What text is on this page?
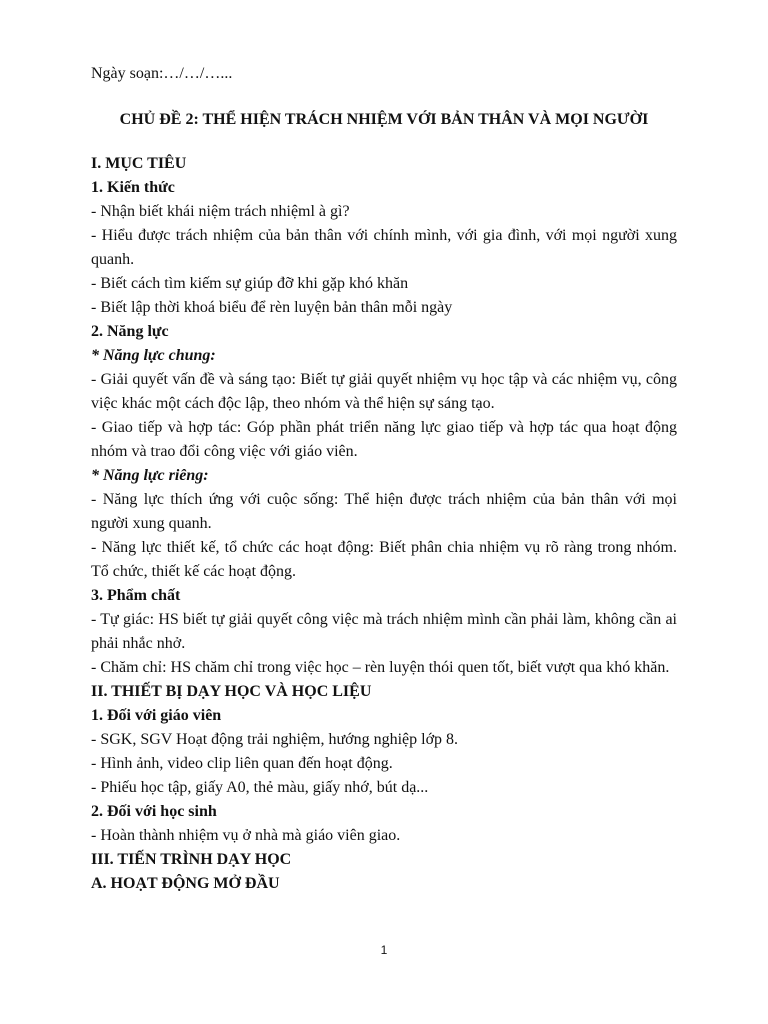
Ngày soạn:…/…/…...

CHỦ ĐỀ 2: THỂ HIỆN TRÁCH NHIỆM VỚI BẢN THÂN VÀ MỌI NGƯỜI

I. MỤC TIÊU

1. Kiến thức

- Nhận biết khái niệm trách nhiệml à gì?

- Hiểu được trách nhiệm của bản thân với chính mình, với gia đình, với mọi người xung quanh.

- Biết cách tìm kiếm sự giúp đỡ khi gặp khó khăn

- Biết lập thời khoá biểu để rèn luyện bản thân mỗi ngày

2. Năng lực

* Năng lực chung:

- Giải quyết vấn đề và sáng tạo: Biết tự giải quyết nhiệm vụ học tập và các nhiệm vụ, công việc khác một cách độc lập, theo nhóm và thể hiện sự sáng tạo.

- Giao tiếp và hợp tác: Góp phần phát triển năng lực giao tiếp và hợp tác qua hoạt động nhóm và trao đổi công việc với giáo viên.

* Năng lực riêng:

- Năng lực thích ứng với cuộc sống: Thể hiện được trách nhiệm của bản thân với mọi người xung quanh.

- Năng lực thiết kế, tổ chức các hoạt động: Biết phân chia nhiệm vụ rõ ràng trong nhóm. Tổ chức, thiết kế các hoạt động.

3. Phẩm chất

- Tự giác: HS biết tự giải quyết công việc mà trách nhiệm mình cần phải làm, không cần ai phải nhắc nhở.

- Chăm chỉ: HS chăm chỉ trong việc học – rèn luyện thói quen tốt, biết vượt qua khó khăn.

II. THIẾT BỊ DẠY HỌC VÀ HỌC LIỆU

1. Đối với giáo viên

- SGK, SGV Hoạt động trải nghiệm, hướng nghiệp lớp 8.

- Hình ảnh, video clip liên quan đến hoạt động.

- Phiếu học tập, giấy A0, thẻ màu, giấy nhớ, bút dạ...

2. Đối với học sinh

- Hoàn thành nhiệm vụ ở nhà mà giáo viên giao.

III. TIẾN TRÌNH DẠY HỌC

A. HOẠT ĐỘNG MỞ ĐẦU

1
